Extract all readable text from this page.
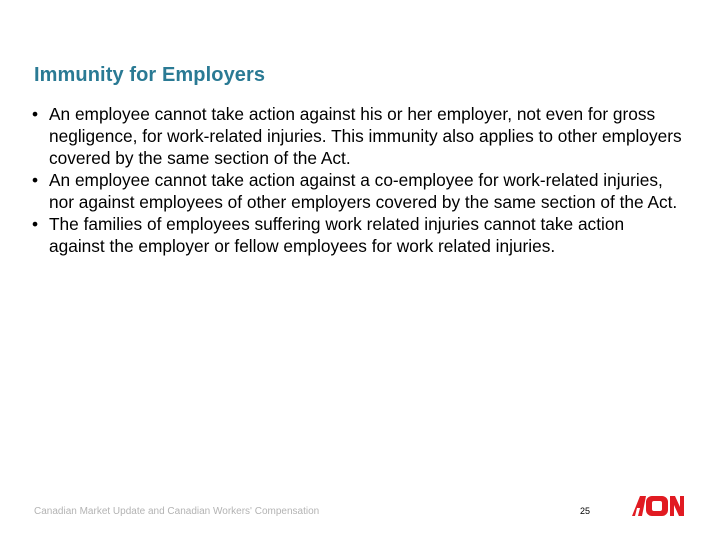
Immunity for Employers
• An employee cannot take action against his or her employer, not even for gross negligence, for work-related injuries. This immunity also applies to other employers covered by the same section of the Act.
• An employee cannot take action against a co-employee for work-related injuries, nor against employees of other employers covered by the same section of the Act.
• The families of employees suffering work related injuries cannot take action against the employer or fellow employees for work related injuries.
Canadian Market Update and Canadian Workers' Compensation	25
